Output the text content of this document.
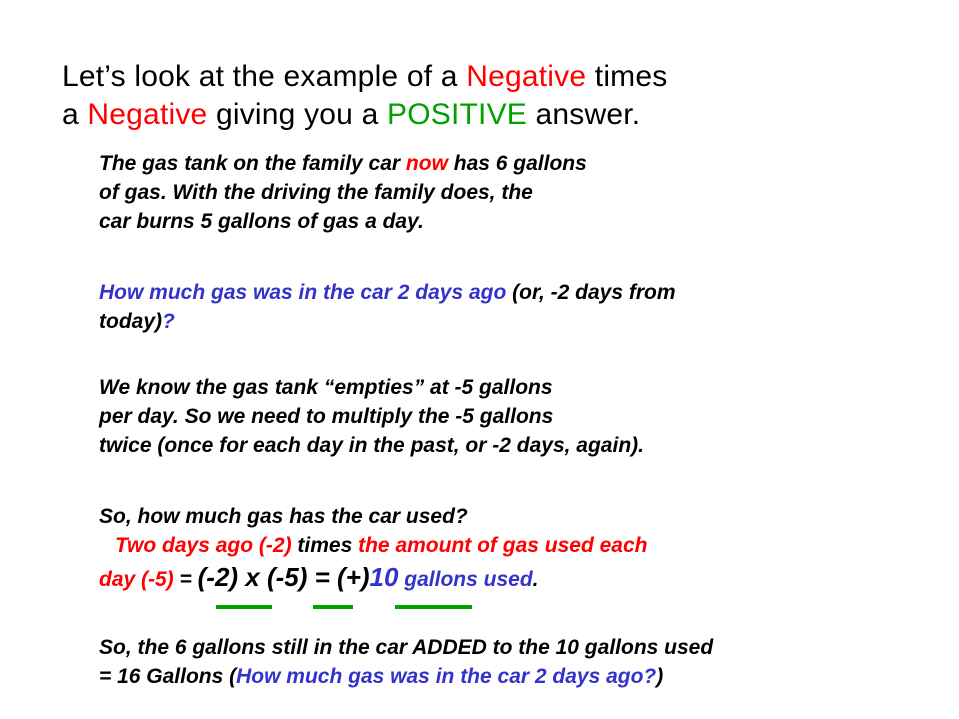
Let’s look at the example of a Negative times
a Negative giving you a POSITIVE answer.
The gas tank on the family car now has 6 gallons
of gas. With the driving the family does, the
car burns 5 gallons of gas a day.
How much gas was in the car 2 days ago (or, -2 days from
today)?
We know the gas tank “empties” at -5 gallons
per day. So we need to multiply the -5 gallons
twice (once for each day in the past, or -2 days, again).
So, how much gas has the car used?
Two days ago (-2) times the amount of gas used each
day (-5) = (-2) x (-5) = (+)10 gallons used.
So, the 6 gallons still in the car ADDED to the 10 gallons used
= 16 Gallons (How much gas was in the car 2 days ago?)
